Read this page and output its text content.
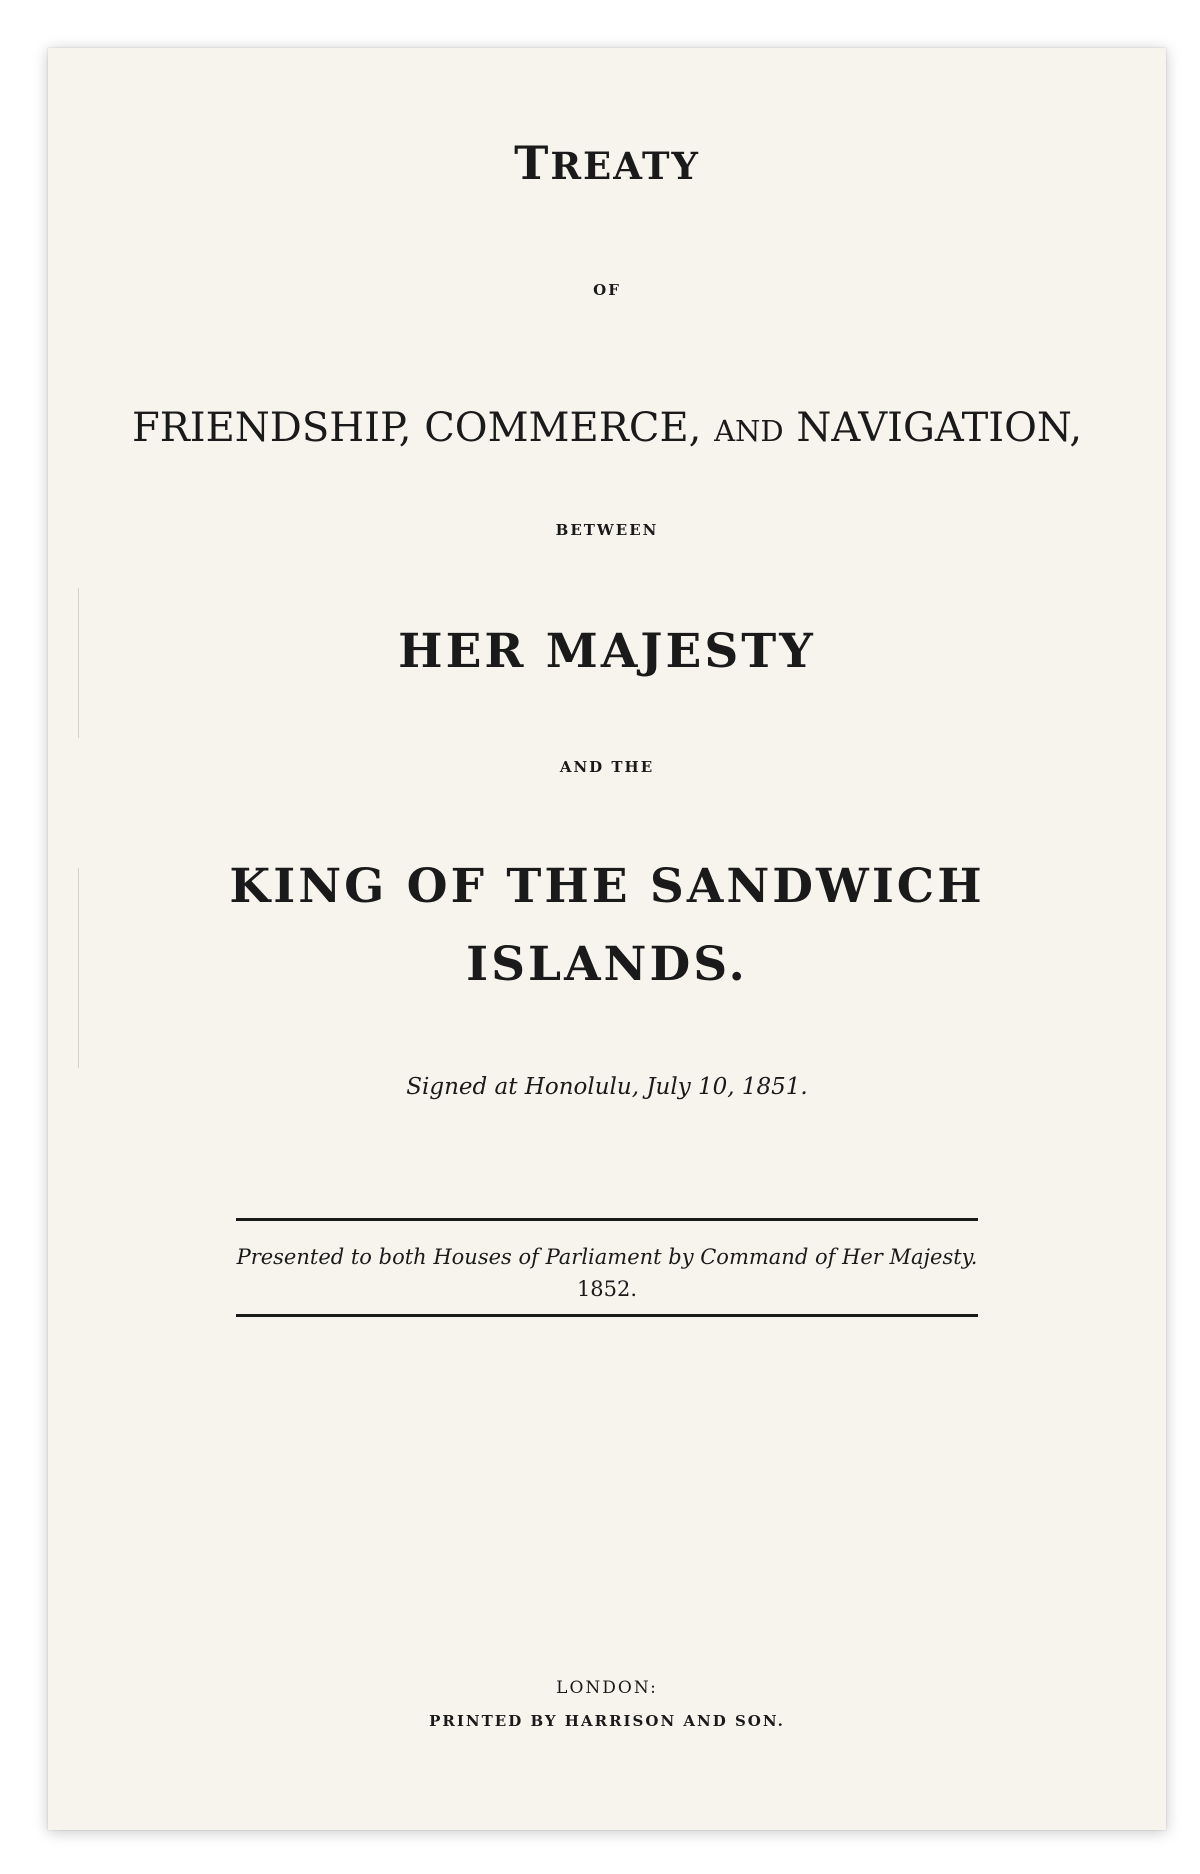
TREATY
OF
FRIENDSHIP, COMMERCE, AND NAVIGATION,
BETWEEN
HER MAJESTY
AND THE
KING OF THE SANDWICH
ISLANDS.
Signed at Honolulu, July 10, 1851.
Presented to both Houses of Parliament by Command of Her Majesty.
1852.
LONDON:
PRINTED BY HARRISON AND SON.
